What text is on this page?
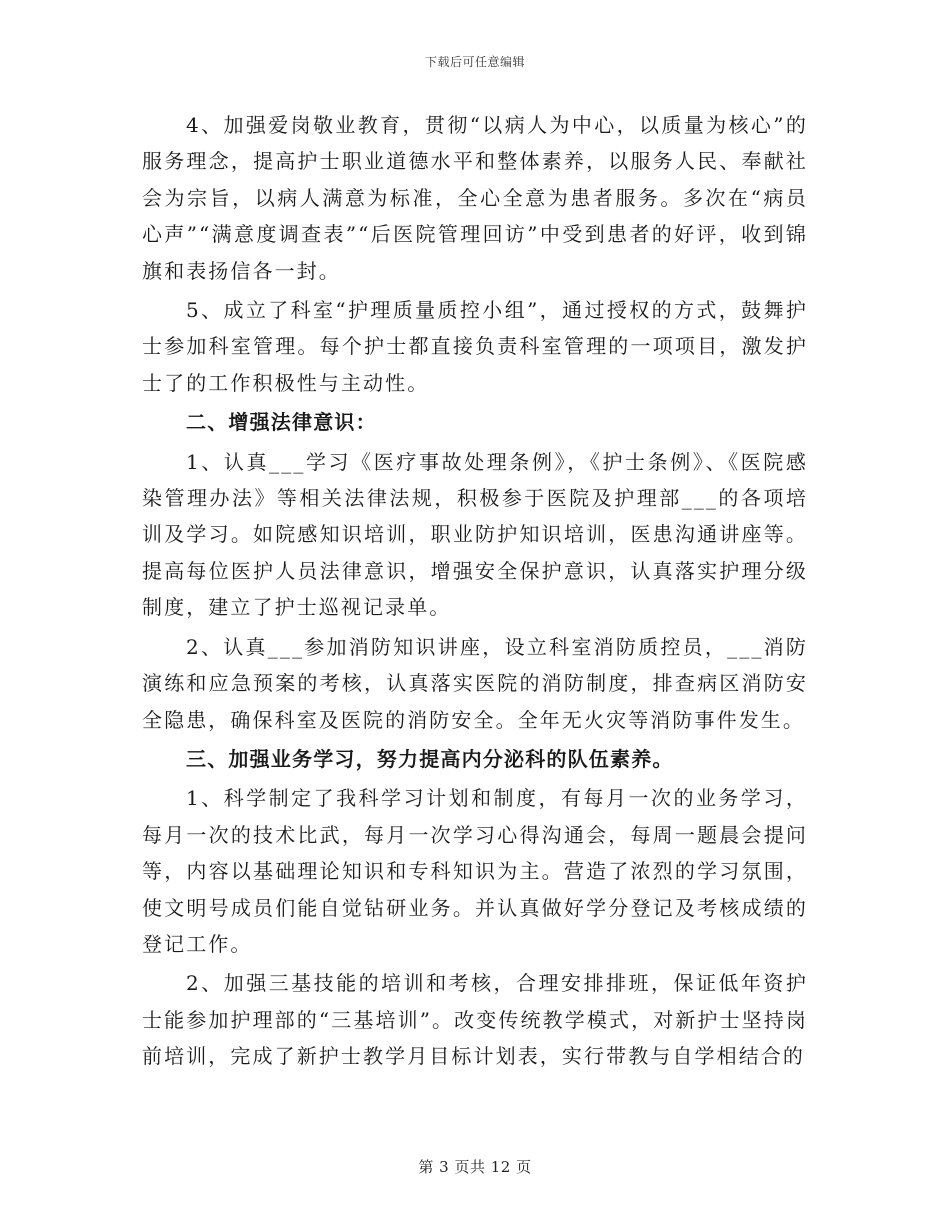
下载后可任意编辑

4、加强爱岗敬业教育，贯彻“以病人为中心，以质量为核心”的服务理念，提高护士职业道德水平和整体素养，以服务人民、奉献社会为宗旨，以病人满意为标准，全心全意为患者服务。多次在“病员心声”“满意度调查表”“后医院管理回访”中受到患者的好评，收到锦旗和表扬信各一封。

5、成立了科室“护理质量质控小组”，通过授权的方式，鼓舞护士参加科室管理。每个护士都直接负责科室管理的一项项目，激发护士了的工作积极性与主动性。

二、增强法律意识：

1、认真___学习《医疗事故处理条例》，《护士条例》、《医院感染管理办法》等相关法律法规，积极参于医院及护理部___的各项培训及学习。如院感知识培训，职业防护知识培训，医患沟通讲座等。提高每位医护人员法律意识，增强安全保护意识，认真落实护理分级制度，建立了护士巡视记录单。

2、认真___参加消防知识讲座，设立科室消防质控员，___消防演练和应急预案的考核，认真落实医院的消防制度，排查病区消防安全隐患，确保科室及医院的消防安全。全年无火灾等消防事件发生。

三、加强业务学习，努力提高内分泌科的队伍素养。

1、科学制定了我科学习计划和制度，有每月一次的业务学习，每月一次的技术比武，每月一次学习心得沟通会，每周一题晨会提问等，内容以基础理论知识和专科知识为主。营造了浓烈的学习氛围，使文明号成员们能自觉钻研业务。并认真做好学分登记及考核成绩的登记工作。

2、加强三基技能的培训和考核，合理安排排班，保证低年资护士能参加护理部的“三基培训”。改变传统教学模式，对新护士坚持岗前培训，完成了新护士教学月目标计划表，实行带教与自学相结合的

第 3 页共 12 页
